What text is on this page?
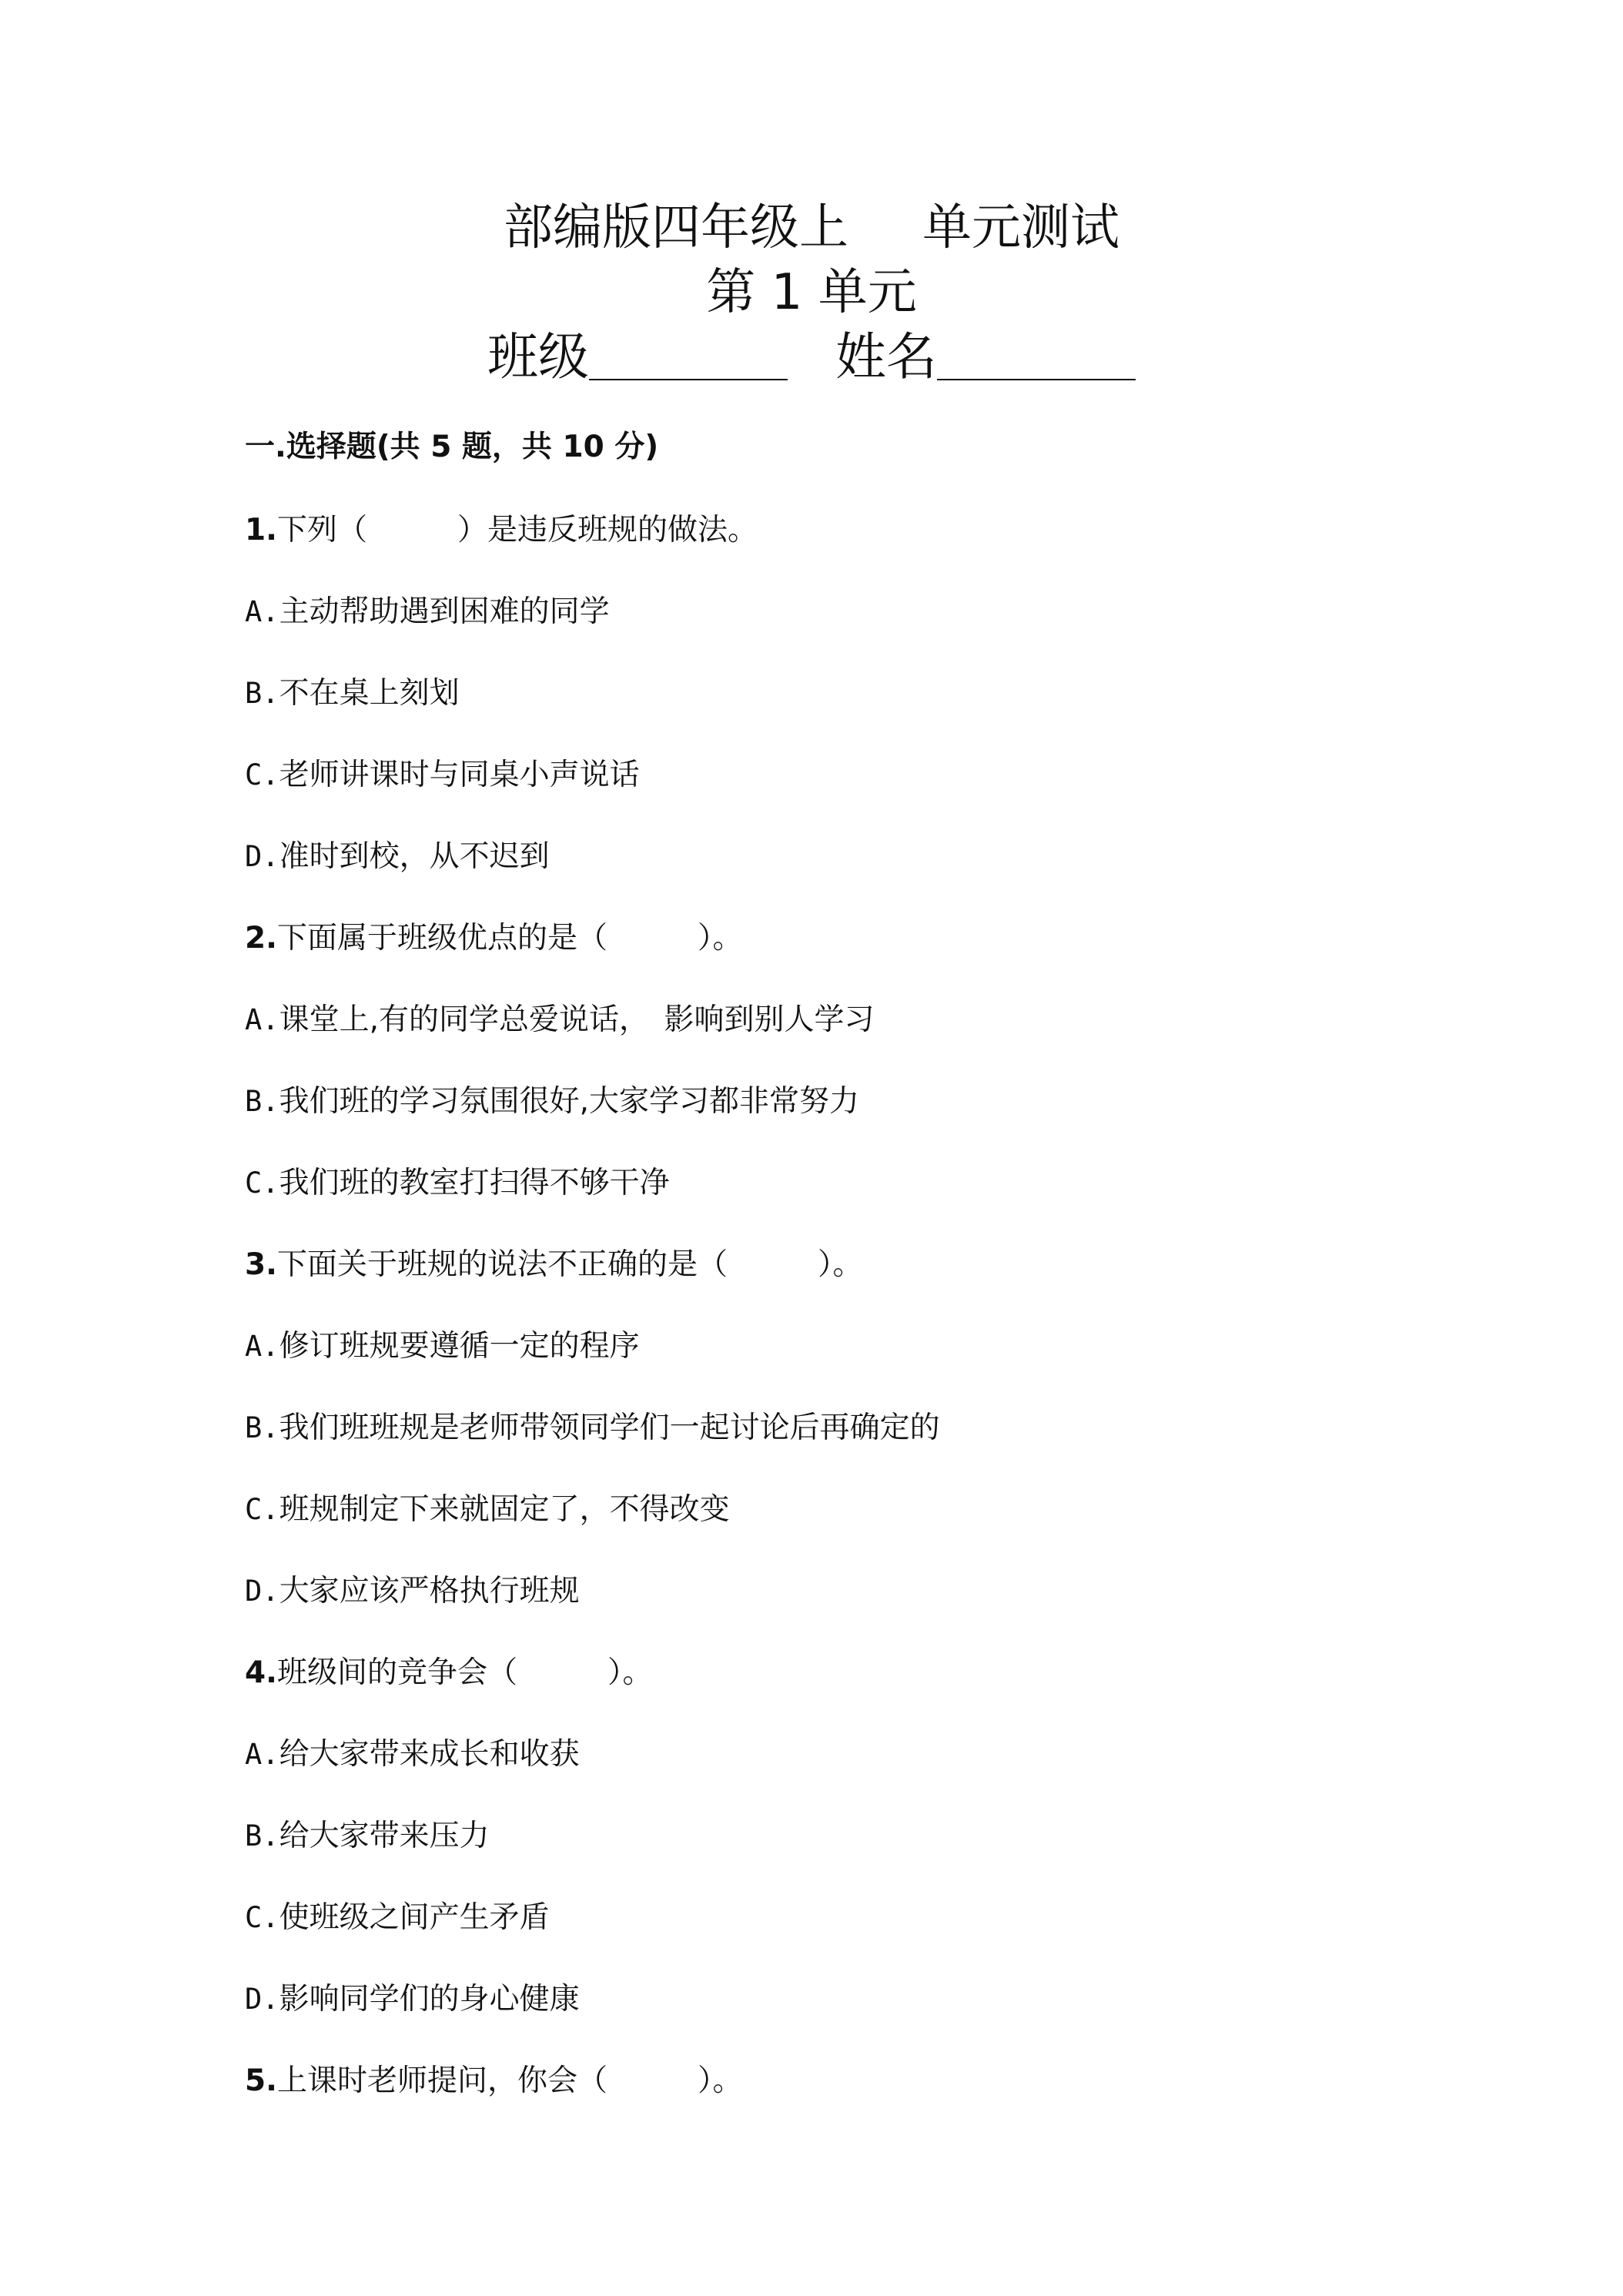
部编版四年级上 单元测试
第 1 单元
班级	姓名
一.选择题(共 5 题，共 10 分)
1.下列（　　　）是违反班规的做法。
A.主动帮助遇到困难的同学
B.不在桌上刻划
C.老师讲课时与同桌小声说话
D.准时到校，从不迟到
2.下面属于班级优点的是（　　　）。
A.课堂上,有的同学总爱说话，　影响到别人学习
B.我们班的学习氛围很好,大家学习都非常努力
C.我们班的教室打扫得不够干净
3.下面关于班规的说法不正确的是（　　　）。
A.修订班规要遵循一定的程序
B.我们班班规是老师带领同学们一起讨论后再确定的
C.班规制定下来就固定了，不得改变
D.大家应该严格执行班规
4.班级间的竞争会（　　　）。
A.给大家带来成长和收获
B.给大家带来压力
C.使班级之间产生矛盾
D.影响同学们的身心健康
5.上课时老师提问，你会（　　　）。
